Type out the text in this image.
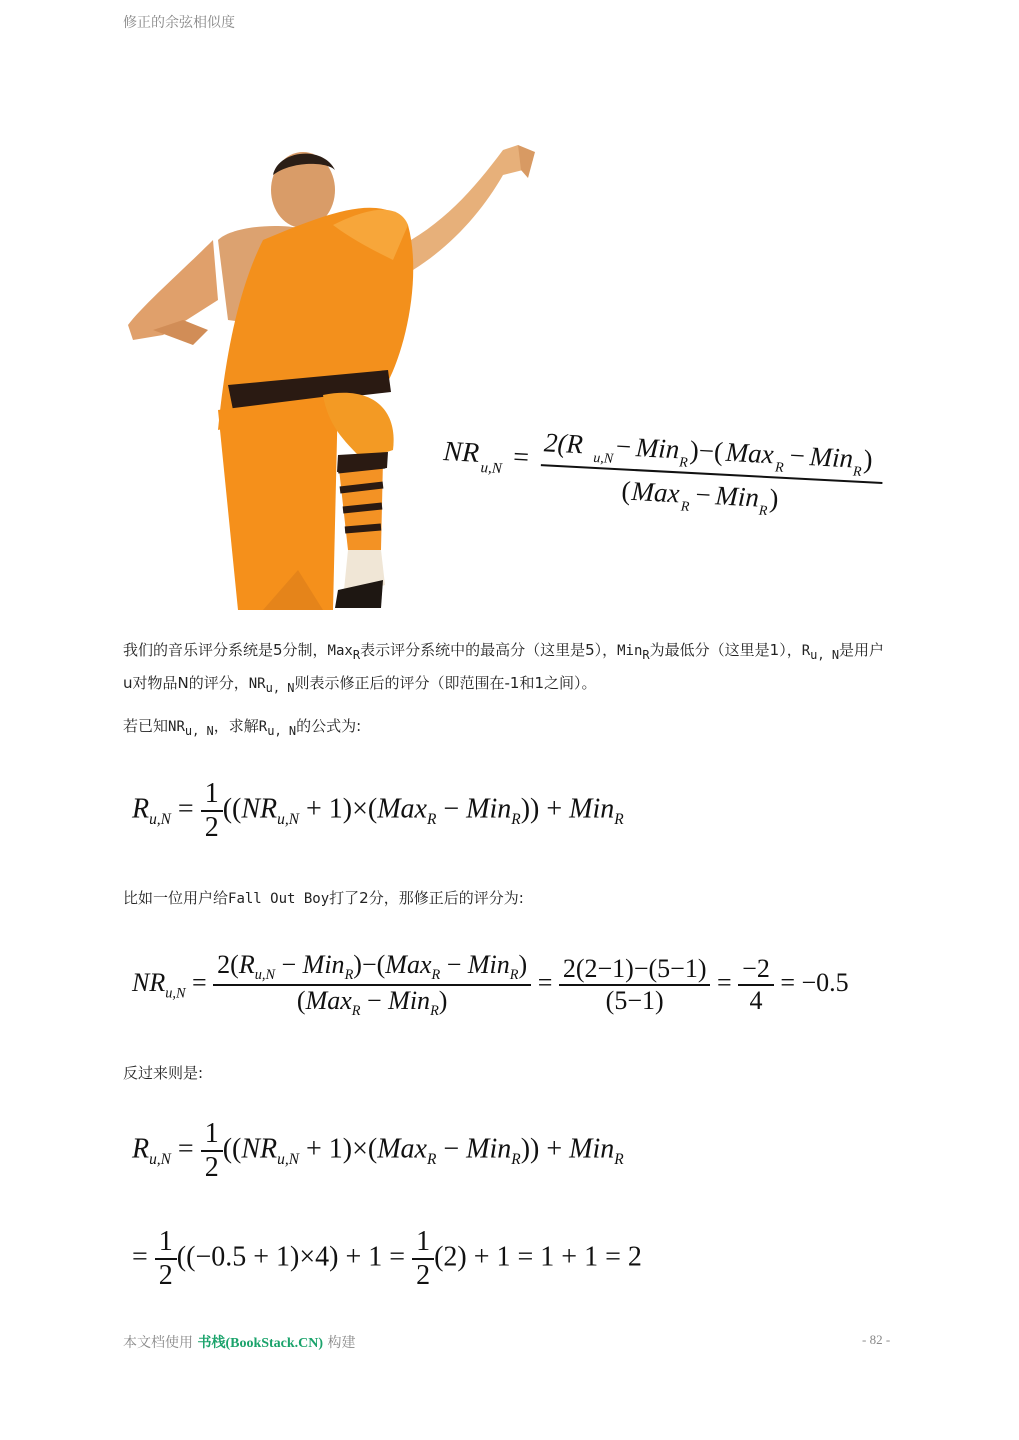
修正的余弦相似度
NR u,N = 2(R u,N − Min
R )−( Max R − Min
R )
( Max R − Min
R )
我们的音乐评分系统是5分制，Max$_R$表示评分系统中的最高分（这里是5），Min$_R$为最低分（这里是1），$R_{u, N}$是用户u对物品N的评分，$NR_{u, N}$则表示修正后的评分（即范围在-1和1之间）。
若已知$NR_{u, N}$，求解$R_{u, N}$的公式为:
$R_{u,N} = \frac{1}{2} ((NR_{u,N} + 1)\times(Max_R - Min_R)) + Min_R$
比如一位用户给Fall Out Boy打了2分，那修正后的评分为:
$NR_{u,N} = \frac{2(R_{u,N} - Min_R)-(Max_R - Min_R)}{(Max_R - Min_R)} = \frac{2(2-1)-(5-1)}{(5-1)} = \frac{-2}{4} = -0.5$
反过来则是:
$R_{u,N} = \frac{1}{2} ((NR_{u,N} + 1)\times(Max_R - Min_R)) + Min_R$
= $\frac{1}{2} ((-0.5 + 1)\times 4) + 1 = \frac{1}{2} (2) + 1 = 1 + 1 = 2$
本文档使用 书栈(BookStack.CN) 构建	- 82 -
